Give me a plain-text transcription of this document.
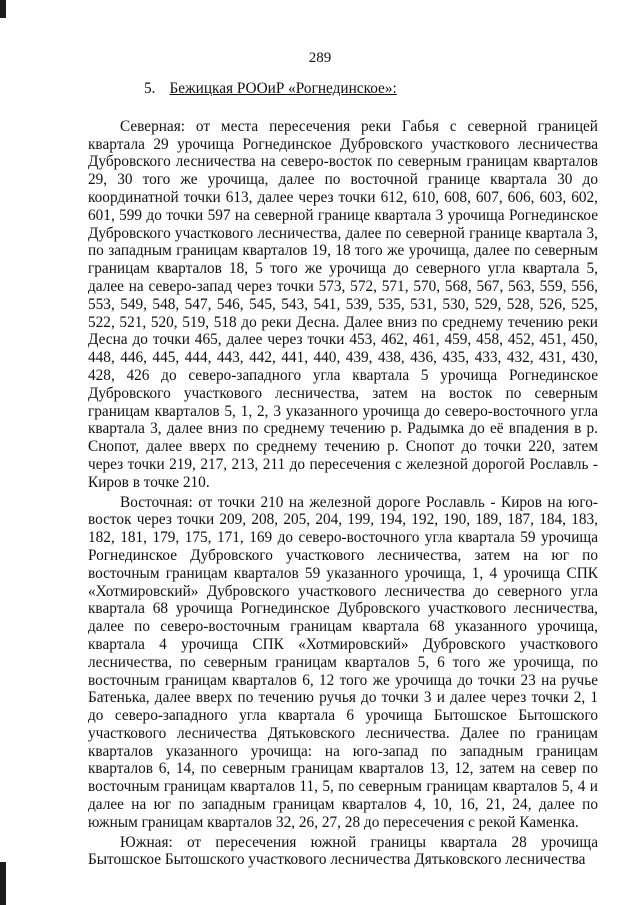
289
5. Бежицкая РООиР «Рогнединское»:

Северная: от места пересечения реки Габья с северной границей квартала 29 урочища Рогнединское Дубровского участкового лесничества Дубровского лесничества на северо-восток по северным границам кварталов 29, 30 того же урочища, далее по восточной границе квартала 30 до координатной точки 613, далее через точки 612, 610, 608, 607, 606, 603, 602, 601, 599 до точки 597 на северной границе квартала 3 урочища Рогнединское Дубровского участкового лесничества, далее по северной границе квартала 3, по западным границам кварталов 19, 18 того же урочища, далее по северным границам кварталов 18, 5 того же урочища до северного угла квартала 5, далее на северо-запад через точки 573, 572, 571, 570, 568, 567, 563, 559, 556, 553, 549, 548, 547, 546, 545, 543, 541, 539, 535, 531, 530, 529, 528, 526, 525, 522, 521, 520, 519, 518 до реки Десна. Далее вниз по среднему течению реки Десна до точки 465, далее через точки 453, 462, 461, 459, 458, 452, 451, 450, 448, 446, 445, 444, 443, 442, 441, 440, 439, 438, 436, 435, 433, 432, 431, 430, 428, 426 до северо-западного угла квартала 5 урочища Рогнединское Дубровского участкового лесничества, затем на восток по северным границам кварталов 5, 1, 2, 3 указанного урочища до северо-восточного угла квартала 3, далее вниз по среднему течению р. Радымка до её впадения в р. Снопот, далее вверх по среднему течению р. Снопот до точки 220, затем через точки 219, 217, 213, 211 до пересечения с железной дорогой Рославль - Киров в точке 210.

Восточная: от точки 210 на железной дороге Рославль - Киров на юго-восток через точки 209, 208, 205, 204, 199, 194, 192, 190, 189, 187, 184, 183, 182, 181, 179, 175, 171, 169 до северо-восточного угла квартала 59 урочища Рогнединское Дубровского участкового лесничества, затем на юг по восточным границам кварталов 59 указанного урочища, 1, 4 урочища СПК «Хотмировский» Дубровского участкового лесничества до северного угла квартала 68 урочища Рогнединское Дубровского участкового лесничества, далее по северо-восточным границам квартала 68 указанного урочища, квартала 4 урочища СПК «Хотмировский» Дубровского участкового лесничества, по северным границам кварталов 5, 6 того же урочища, по восточным границам кварталов 6, 12 того же урочища до точки 23 на ручье Батенька, далее вверх по течению ручья до точки 3 и далее через точки 2, 1 до северо-западного угла квартала 6 урочища Бытошское Бытошского участкового лесничества Дятьковского лесничества. Далее по границам кварталов указанного урочища: на юго-запад по западным границам кварталов 6, 14, по северным границам кварталов 13, 12, затем на север по восточным границам кварталов 11, 5, по северным границам кварталов 5, 4 и далее на юг по западным границам кварталов 4, 10, 16, 21, 24, далее по южным границам кварталов 32, 26, 27, 28 до пересечения с рекой Каменка.

Южная: от пересечения южной границы квартала 28 урочища Бытошское Бытошского участкового лесничества Дятьковского лесничества
